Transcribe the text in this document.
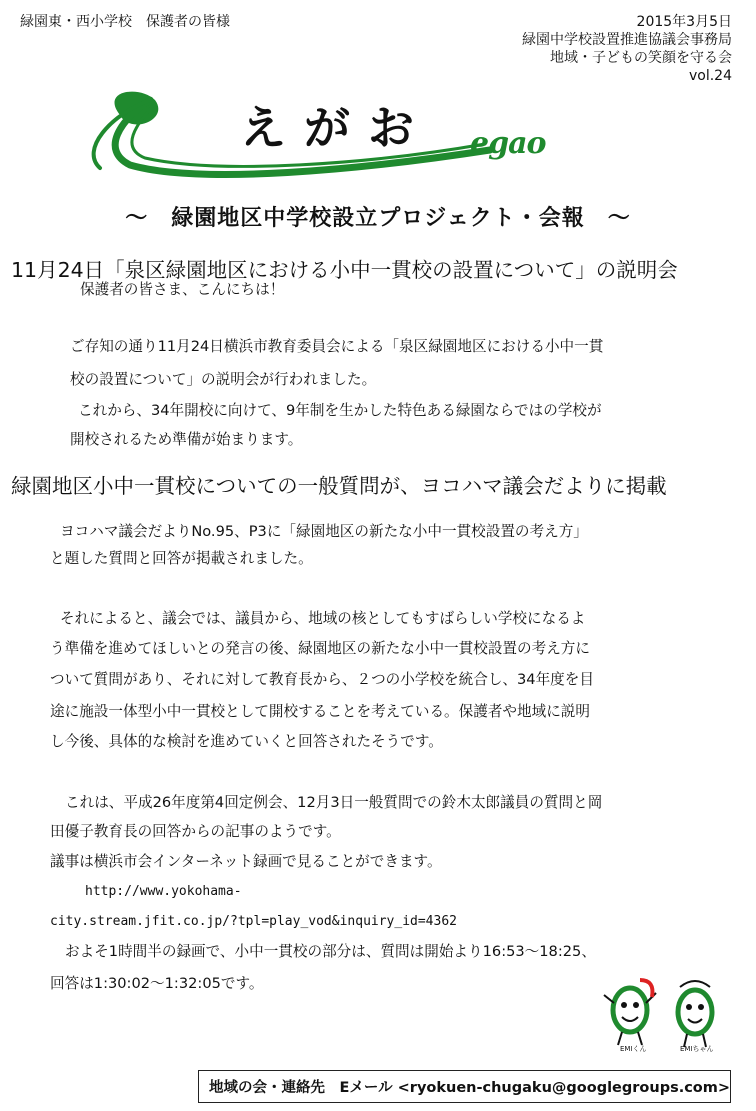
緑園東・西小学校　保護者の皆様	2015年3月5日
緑園中学校設置推進協議会事務局
地域・子どもの笑顔を守る会
vol.24
えがお egao
～　緑園地区中学校設立プロジェクト・会報　～
11月24日「泉区緑園地区における小中一貫校の設置について」の説明会
保護者の皆さま、こんにちは！
ご存知の通り11月24日横浜市教育委員会による「泉区緑園地区における小中一貫
校の設置について」の説明会が行われました。
これから、34年開校に向けて、9年制を生かした特色ある緑園ならではの学校が
開校されるため準備が始まります。
緑園地区小中一貫校についての一般質問が、ヨコハマ議会だよりに掲載
ヨコハマ議会だよりNo.95、P3に「緑園地区の新たな小中一貫校設置の考え方」
と題した質問と回答が掲載されました。
それによると、議会では、議員から、地域の核としてもすばらしい学校になるよ
う準備を進めてほしいとの発言の後、緑園地区の新たな小中一貫校設置の考え方に
ついて質問があり、それに対して教育長から、２つの小学校を統合し、34年度を目
途に施設一体型小中一貫校として開校することを考えている。保護者や地域に説明
し今後、具体的な検討を進めていくと回答されたそうです。
これは、平成26年度第4回定例会、12月3日一般質問での鈴木太郎議員の質問と岡
田優子教育長の回答からの記事のようです。
議事は横浜市会インターネット録画で見ることができます。
http://www.yokohama-
city.stream.jfit.co.jp/?tpl=play_vod&inquiry_id=4362
およそ1時間半の録画で、小中一貫校の部分は、質問は開始より16:53～18:25、
回答は1:30:02～1:32:05です。
EMIくん	EMIちゃん
地域の会・連絡先　Eメール <ryokuen-chugaku@googlegroups.com>
